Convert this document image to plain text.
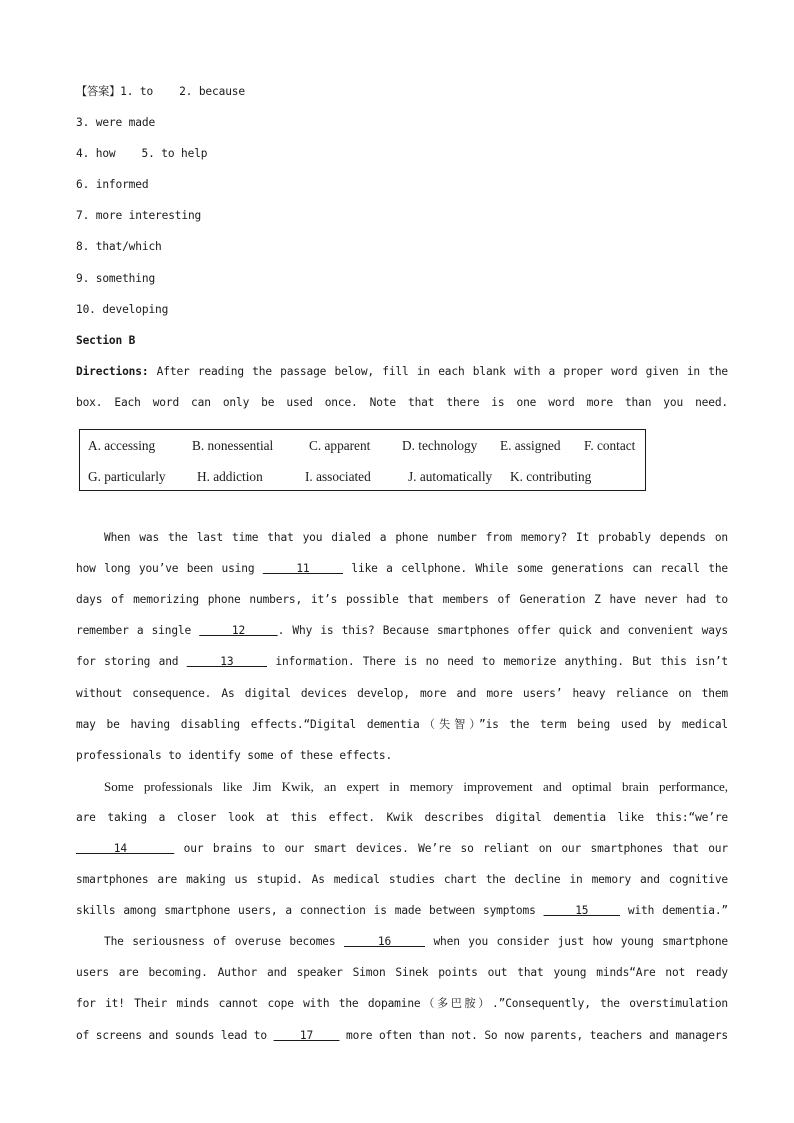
【答案】1. to 2. because
3. were made
4. how 5. to help
6. informed
7. more interesting
8. that/which
9. something
10. developing
Section B
Directions: After reading the passage below, fill in each blank with a proper word given in the
box. Each word can only be used once. Note that there is one word more than you need.
When was the last time that you dialed a phone number from memory? It probably depends on
how long you’ve been using     11     like a cellphone. While some generations can recall the
days of memorizing phone numbers, it’s possible that members of Generation Z have never had to
remember a single     12    . Why is this? Because smartphones offer quick and convenient ways
for storing and     13     information. There is no need to memorize anything. But this isn’t
without consequence. As digital devices develop, more and more users’ heavy reliance on them
may be having disabling effects.“Digital dementia（失智）”is the term being used by medical
professionals to identify some of these effects.
Some professionals like Jim Kwik, an expert in memory improvement and optimal brain performance,
are taking a closer look at this effect. Kwik describes digital dementia like this:“we’re
14      our brains to our smart devices. We’re so reliant on our smartphones that our
smartphones are making us stupid. As medical studies chart the decline in memory and cognitive
skills among smartphone users, a connection is made between symptoms     15     with dementia.”
The seriousness of overuse becomes     16     when you consider just how young smartphone
users are becoming. Author and speaker Simon Sinek points out that young minds“Are not ready
for it! Their minds cannot cope with the dopamine（多巴胺）.”Consequently, the overstimulation
of screens and sounds lead to     17     more often than not. So now parents, teachers and managers
A. accessing	B. nonessential	C. apparent D. technology E. assigned F. contact
G. particularly H. addiction	I. associated	J. automatically K. contributing
